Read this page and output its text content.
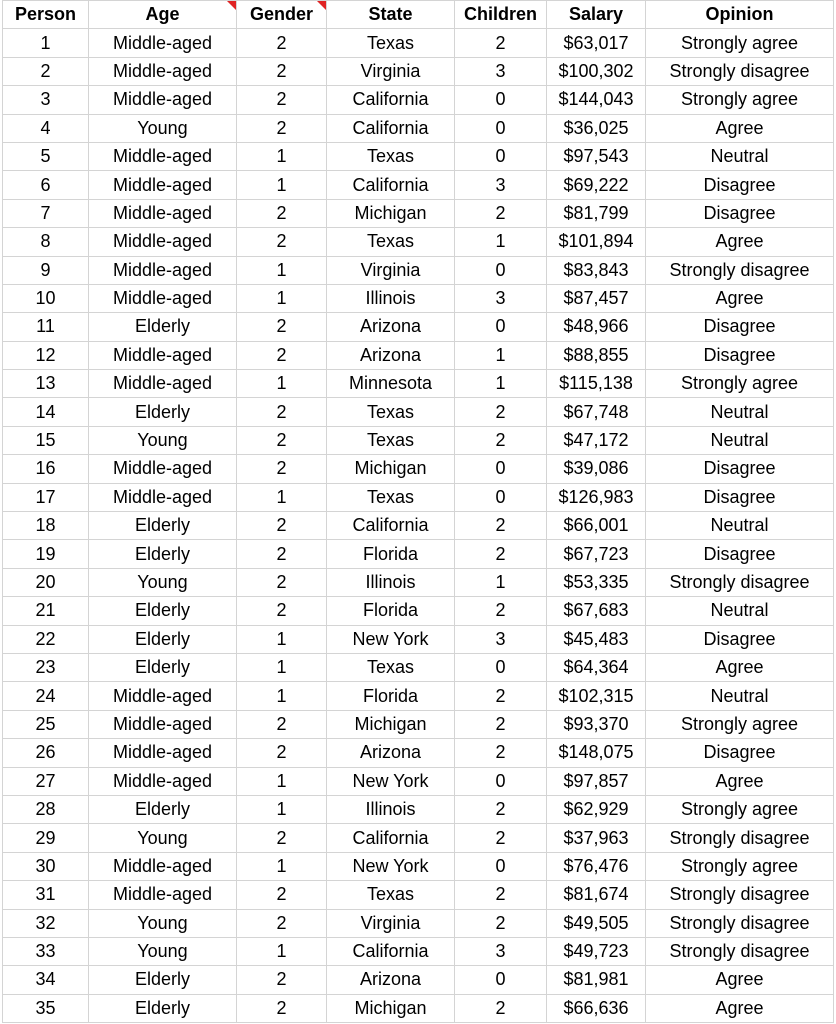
Person	Age	Gender	State	Children	Salary	Opinion
1	Middle-aged	2	Texas	2	$63,017	Strongly agree
2	Middle-aged	2	Virginia	3	$100,302	Strongly disagree
3	Middle-aged	2	California	0	$144,043	Strongly agree
4	Young	2	California	0	$36,025	Agree
5	Middle-aged	1	Texas	0	$97,543	Neutral
6	Middle-aged	1	California	3	$69,222	Disagree
7	Middle-aged	2	Michigan	2	$81,799	Disagree
8	Middle-aged	2	Texas	1	$101,894	Agree
9	Middle-aged	1	Virginia	0	$83,843	Strongly disagree
10	Middle-aged	1	Illinois	3	$87,457	Agree
11	Elderly	2	Arizona	0	$48,966	Disagree
12	Middle-aged	2	Arizona	1	$88,855	Disagree
13	Middle-aged	1	Minnesota	1	$115,138	Strongly agree
14	Elderly	2	Texas	2	$67,748	Neutral
15	Young	2	Texas	2	$47,172	Neutral
16	Middle-aged	2	Michigan	0	$39,086	Disagree
17	Middle-aged	1	Texas	0	$126,983	Disagree
18	Elderly	2	California	2	$66,001	Neutral
19	Elderly	2	Florida	2	$67,723	Disagree
20	Young	2	Illinois	1	$53,335	Strongly disagree
21	Elderly	2	Florida	2	$67,683	Neutral
22	Elderly	1	New York	3	$45,483	Disagree
23	Elderly	1	Texas	0	$64,364	Agree
24	Middle-aged	1	Florida	2	$102,315	Neutral
25	Middle-aged	2	Michigan	2	$93,370	Strongly agree
26	Middle-aged	2	Arizona	2	$148,075	Disagree
27	Middle-aged	1	New York	0	$97,857	Agree
28	Elderly	1	Illinois	2	$62,929	Strongly agree
29	Young	2	California	2	$37,963	Strongly disagree
30	Middle-aged	1	New York	0	$76,476	Strongly agree
31	Middle-aged	2	Texas	2	$81,674	Strongly disagree
32	Young	2	Virginia	2	$49,505	Strongly disagree
33	Young	1	California	3	$49,723	Strongly disagree
34	Elderly	2	Arizona	0	$81,981	Agree
35	Elderly	2	Michigan	2	$66,636	Agree
